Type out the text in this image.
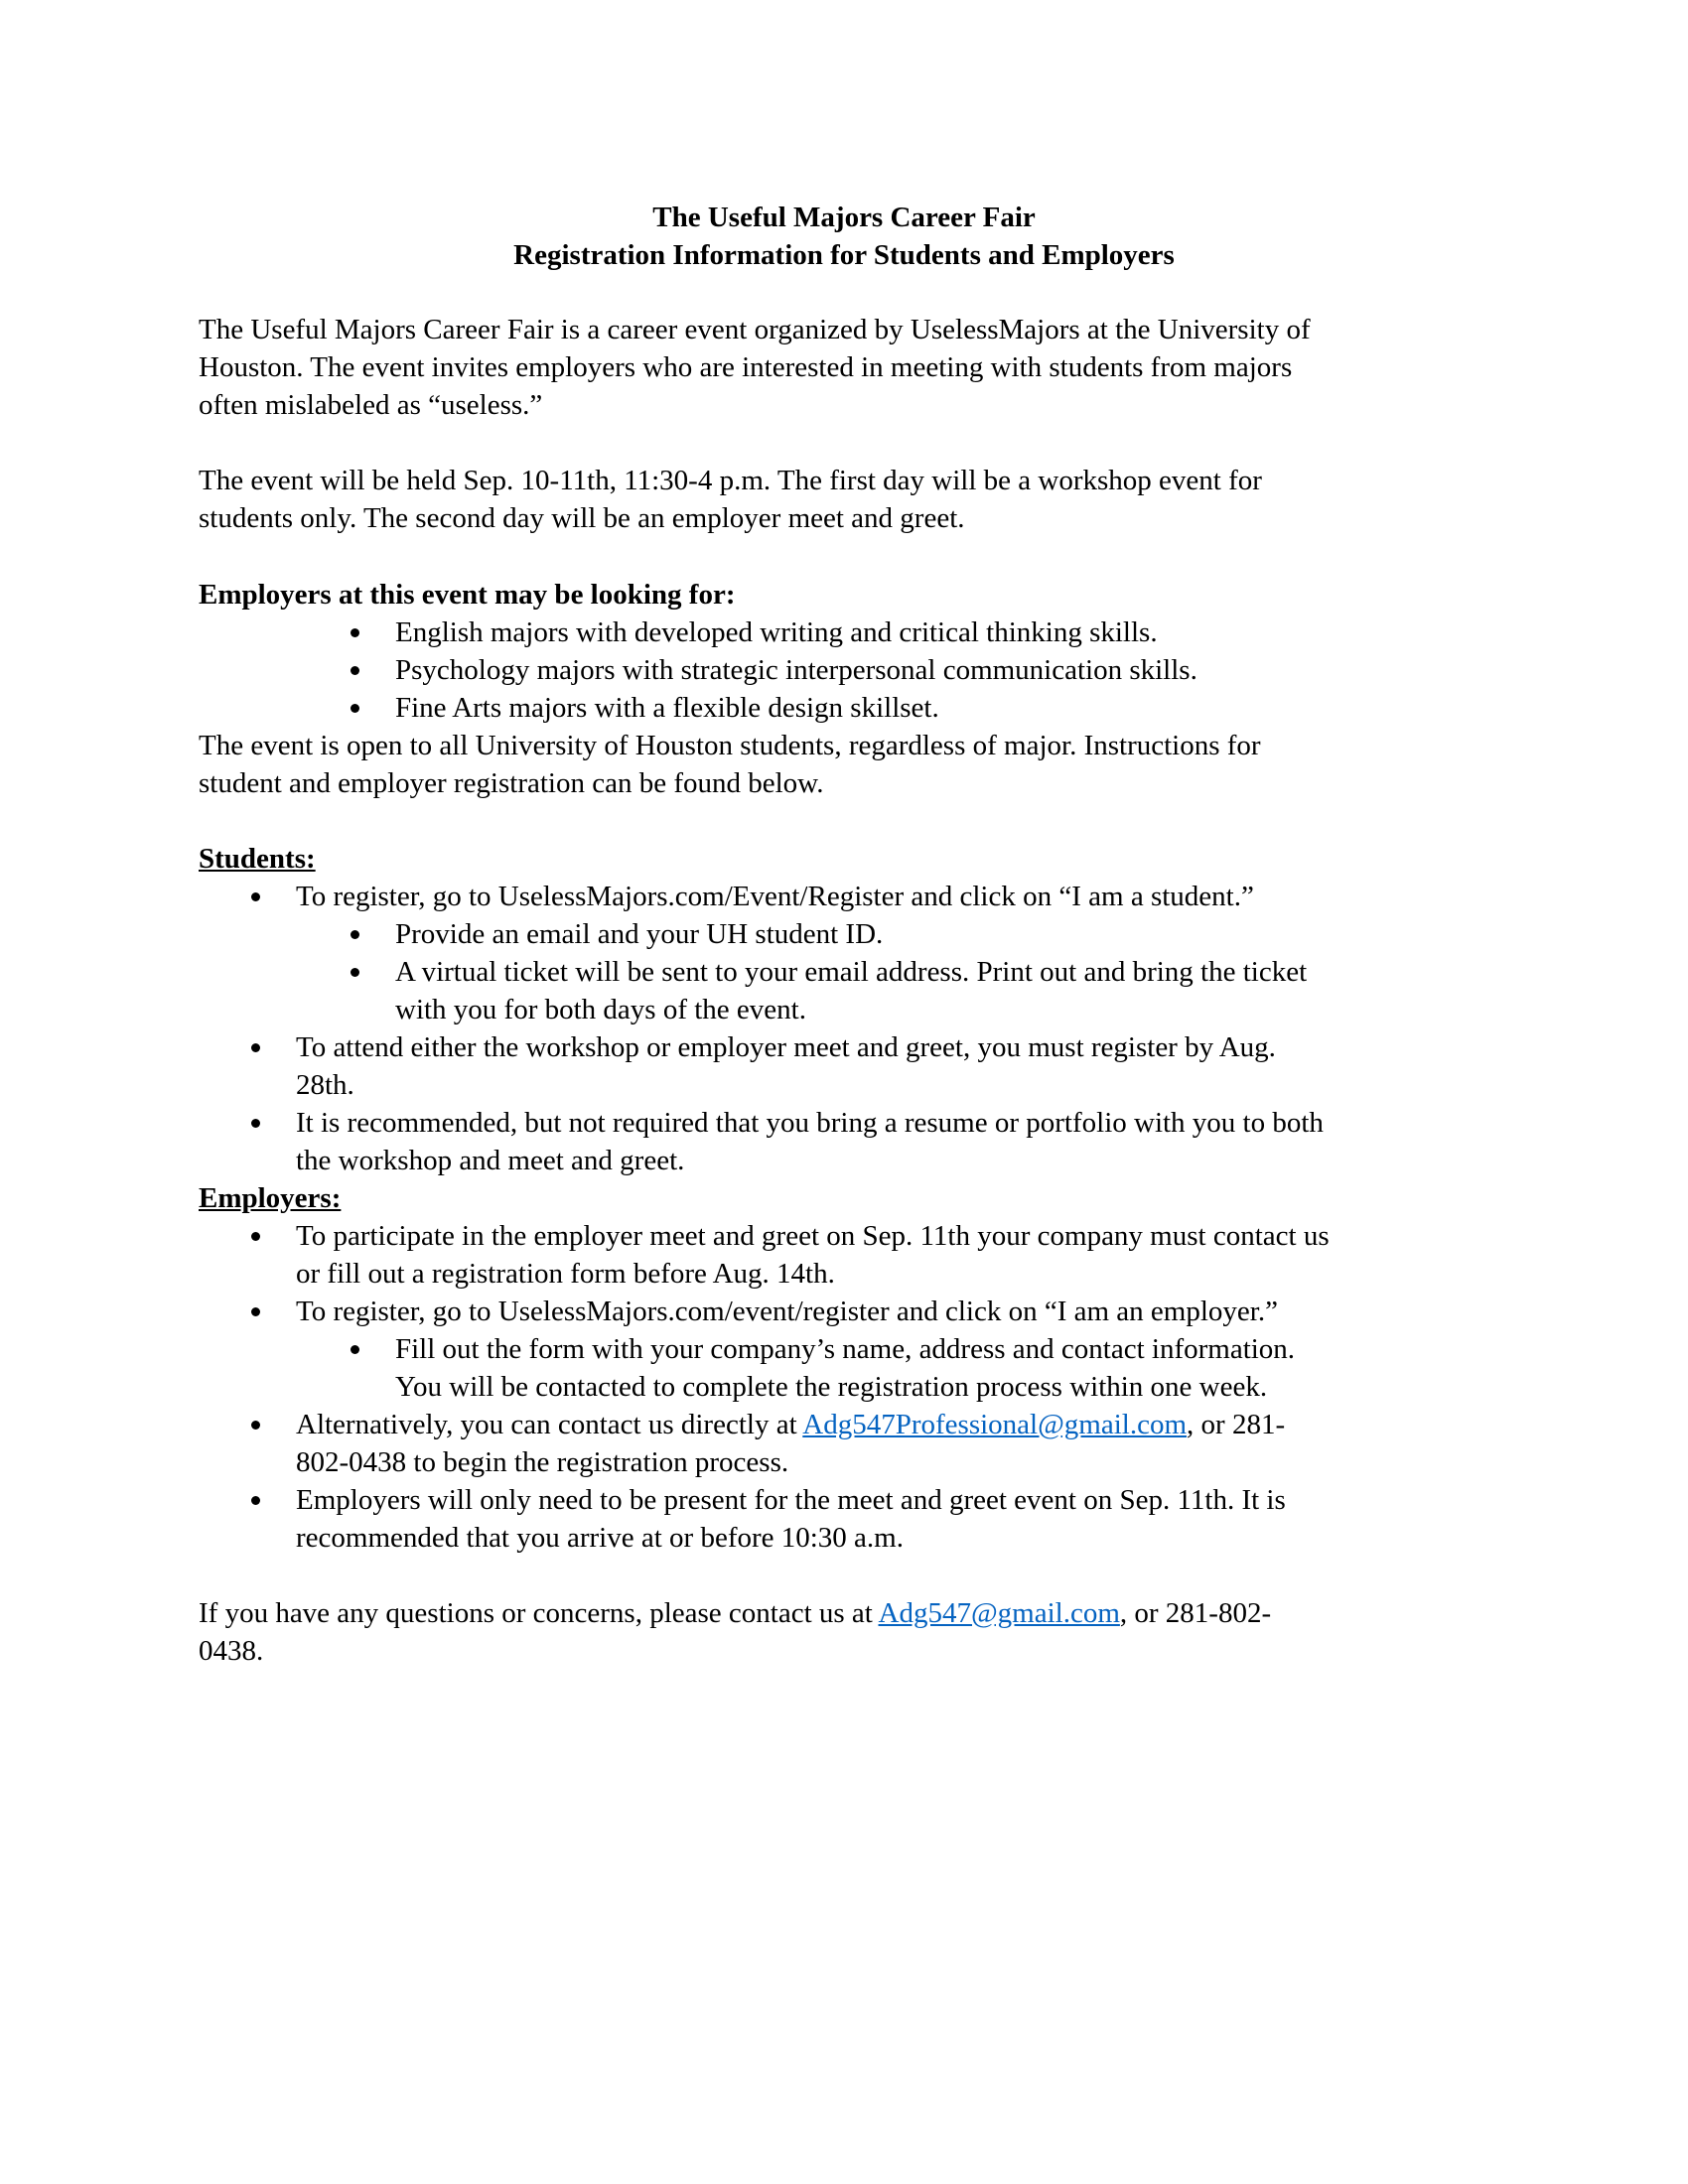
The Useful Majors Career Fair
Registration Information for Students and Employers
The Useful Majors Career Fair is a career event organized by UselessMajors at the University of
Houston. The event invites employers who are interested in meeting with students from majors
often mislabeled as “useless.”
The event will be held Sep. 10-11th, 11:30-4 p.m. The first day will be a workshop event for
students only. The second day will be an employer meet and greet.
Employers at this event may be looking for:
English majors with developed writing and critical thinking skills.
Psychology majors with strategic interpersonal communication skills.
Fine Arts majors with a flexible design skillset.
The event is open to all University of Houston students, regardless of major. Instructions for
student and employer registration can be found below.
Students:
To register, go to UselessMajors.com/Event/Register and click on “I am a student.”
Provide an email and your UH student ID.
A virtual ticket will be sent to your email address. Print out and bring the ticket
with you for both days of the event.
To attend either the workshop or employer meet and greet, you must register by Aug.
28th.
It is recommended, but not required that you bring a resume or portfolio with you to both
the workshop and meet and greet.
Employers:
To participate in the employer meet and greet on Sep. 11th your company must contact us
or fill out a registration form before Aug. 14th.
To register, go to UselessMajors.com/event/register and click on “I am an employer.”
Fill out the form with your company’s name, address and contact information.
You will be contacted to complete the registration process within one week.
Alternatively, you can contact us directly at Adg547Professional@gmail.com, or 281-
802-0438 to begin the registration process.
Employers will only need to be present for the meet and greet event on Sep. 11th. It is
recommended that you arrive at or before 10:30 a.m.
If you have any questions or concerns, please contact us at Adg547@gmail.com, or 281-802-
0438.
